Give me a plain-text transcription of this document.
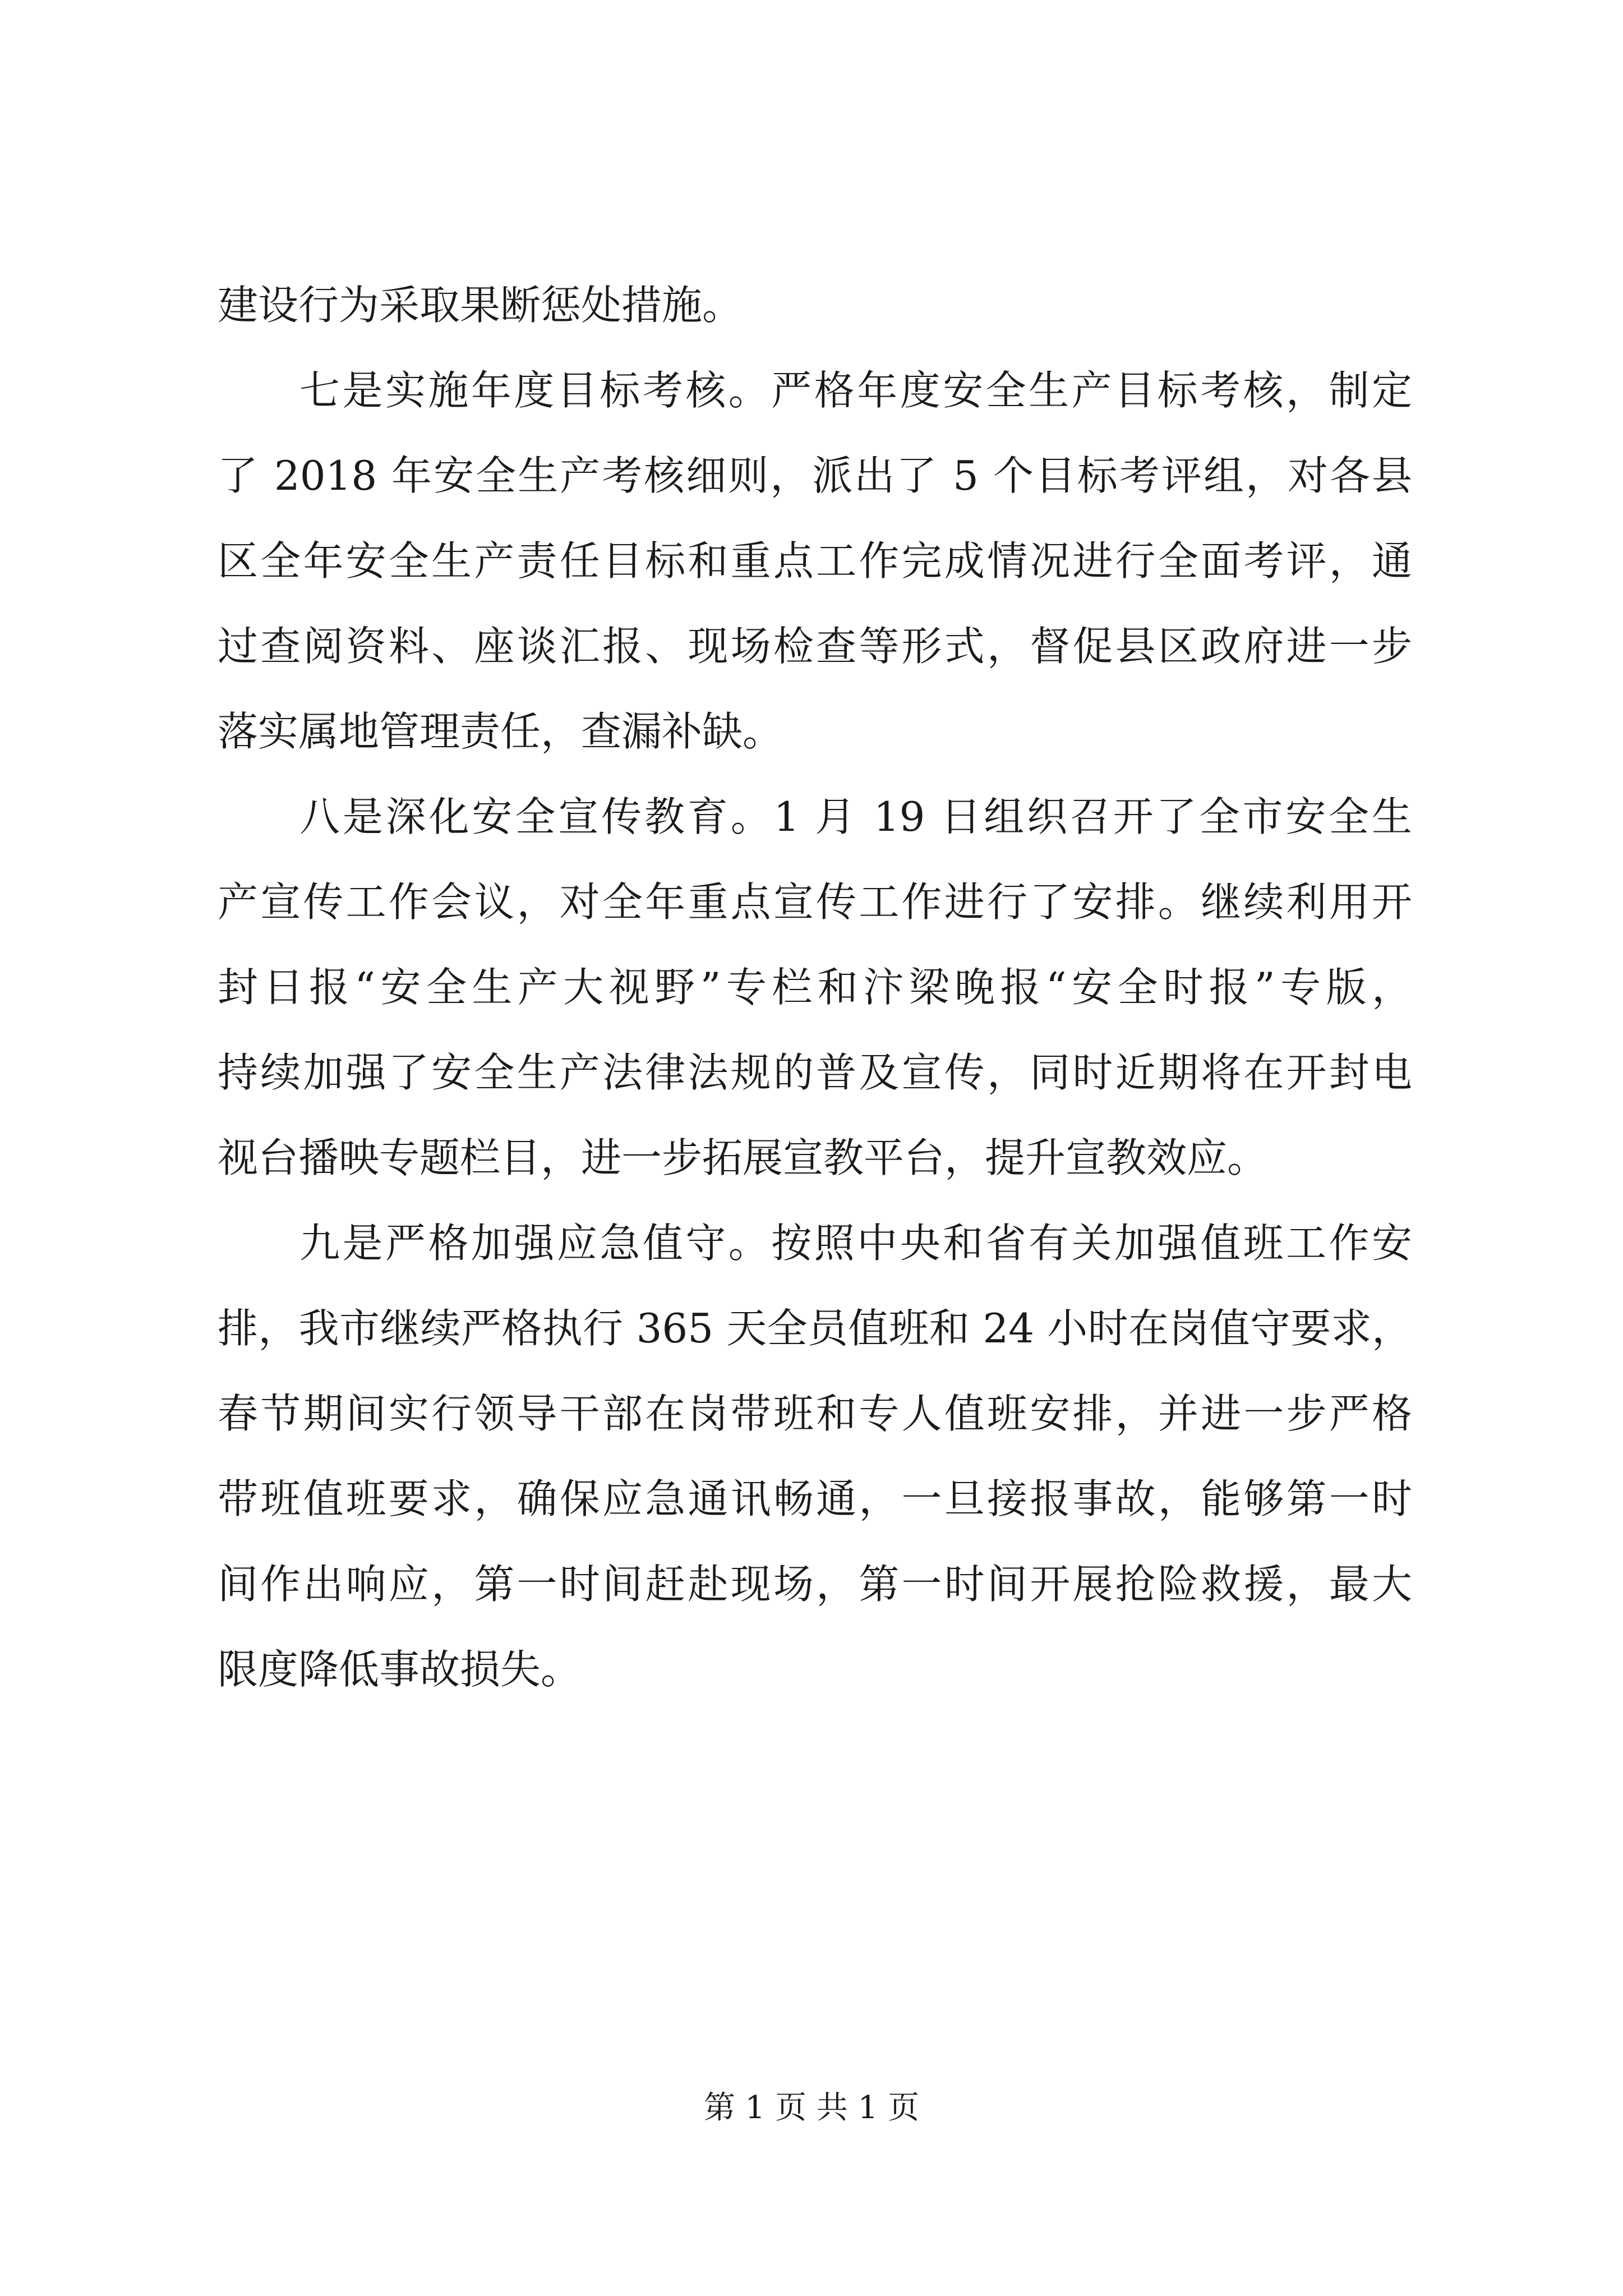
建设行为采取果断惩处措施。
七是实施年度目标考核。严格年度安全生产目标考核，制定
了 2018 年安全生产考核细则，派出了 5 个目标考评组，对各县
区全年安全生产责任目标和重点工作完成情况进行全面考评，通
过查阅资料、座谈汇报、现场检查等形式，督促县区政府进一步
落实属地管理责任，查漏补缺。
八是深化安全宣传教育。1 月 19 日组织召开了全市安全生
产宣传工作会议，对全年重点宣传工作进行了安排。继续利用开
封日报“安全生产大视野”专栏和汴梁晚报“安全时报”专版，
持续加强了安全生产法律法规的普及宣传，同时近期将在开封电
视台播映专题栏目，进一步拓展宣教平台，提升宣教效应。
九是严格加强应急值守。按照中央和省有关加强值班工作安
排，我市继续严格执行 365 天全员值班和 24 小时在岗值守要求，
春节期间实行领导干部在岗带班和专人值班安排，并进一步严格
带班值班要求，确保应急通讯畅通，一旦接报事故，能够第一时
间作出响应，第一时间赶赴现场，第一时间开展抢险救援，最大
限度降低事故损失。
第 1 页 共 1 页
